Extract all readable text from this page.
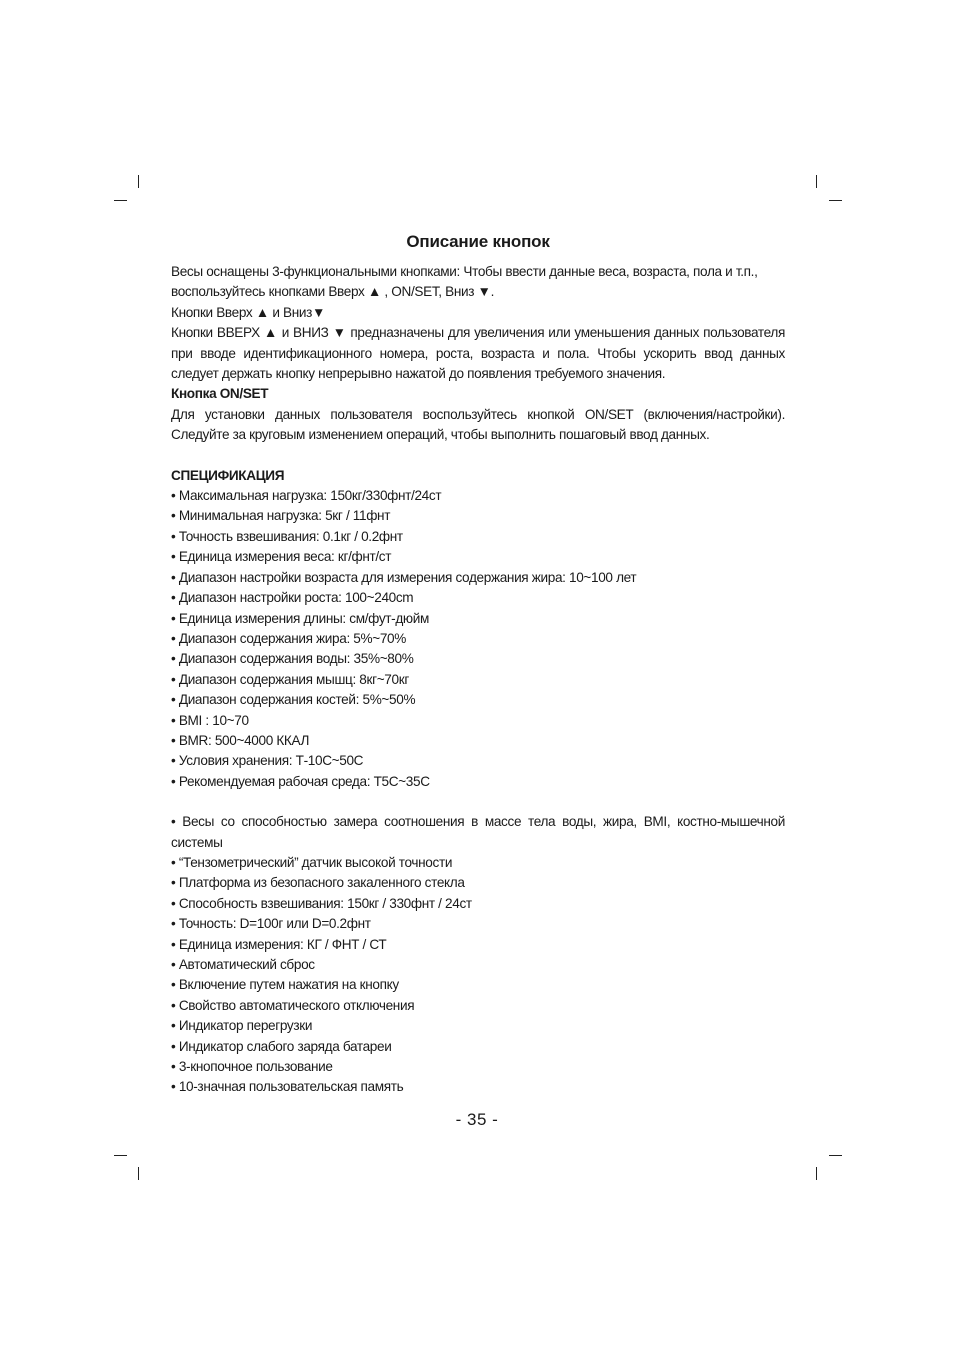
Описание кнопок

Весы оснащены 3-функциональными кнопками: Чтобы ввести данные веса, возраста, пола и т.п.,

воспользуйтесь кнопками Вверх ▲ , ON/SET, Вниз ▼.

Кнопки Вверх ▲ и Вниз▼

Кнопки ВВЕРХ ▲ и ВНИЗ ▼ предназначены для увеличения или уменьшения данных пользователя при вводе идентификационного номера, роста, возраста и пола. Чтобы ускорить ввод данных следует держать кнопку непрерывно нажатой до появления требуемого значения.

Кнопка ON/SET

Для установки данных пользователя воспользуйтесь кнопкой ON/SET (включения/настройки). Следуйте за круговым изменением операций, чтобы выполнить пошаговый ввод данных.

СПЕЦИФИКАЦИЯ

• Максимальная нагрузка: 150кг/330фнт/24ст
• Минимальная нагрузка: 5кг / 11фнт
• Точность взвешивания: 0.1кг / 0.2фнт
• Единица измерения веса: кг/фнт/ст
• Диапазон настройки возраста для измерения содержания жира: 10~100 лет
• Диапазон настройки роста: 100~240cm
• Единица измерения длины: см/фут-дюйм
• Диапазон содержания жира: 5%~70%
• Диапазон содержания воды: 35%~80%
• Диапазон содержания мышц: 8кг~70кг
• Диапазон содержания костей: 5%~50%
• BMI : 10~70
• BMR: 500~4000 ККАЛ
• Условия хранения: Т-10С~50С
• Рекомендуемая рабочая среда: Т5С~35С
• Весы со способностью замера соотношения в массе тела воды, жира, BMI, костно-мышечной системы
• “Тензометрический” датчик высокой точности
• Платформа из безопасного закаленного стекла
• Способность взвешивания: 150кг / 330фнт / 24ст
• Точность: D=100г или D=0.2фнт
• Единица измерения: КГ / ФНТ / СТ
• Автоматический сброс
• Включение путем нажатия на кнопку
• Свойство автоматического отключения
• Индикатор перегрузки
• Индикатор слабого заряда батареи
• 3-кнопочное пользование
• 10-значная пользовательская память
- 35 -
